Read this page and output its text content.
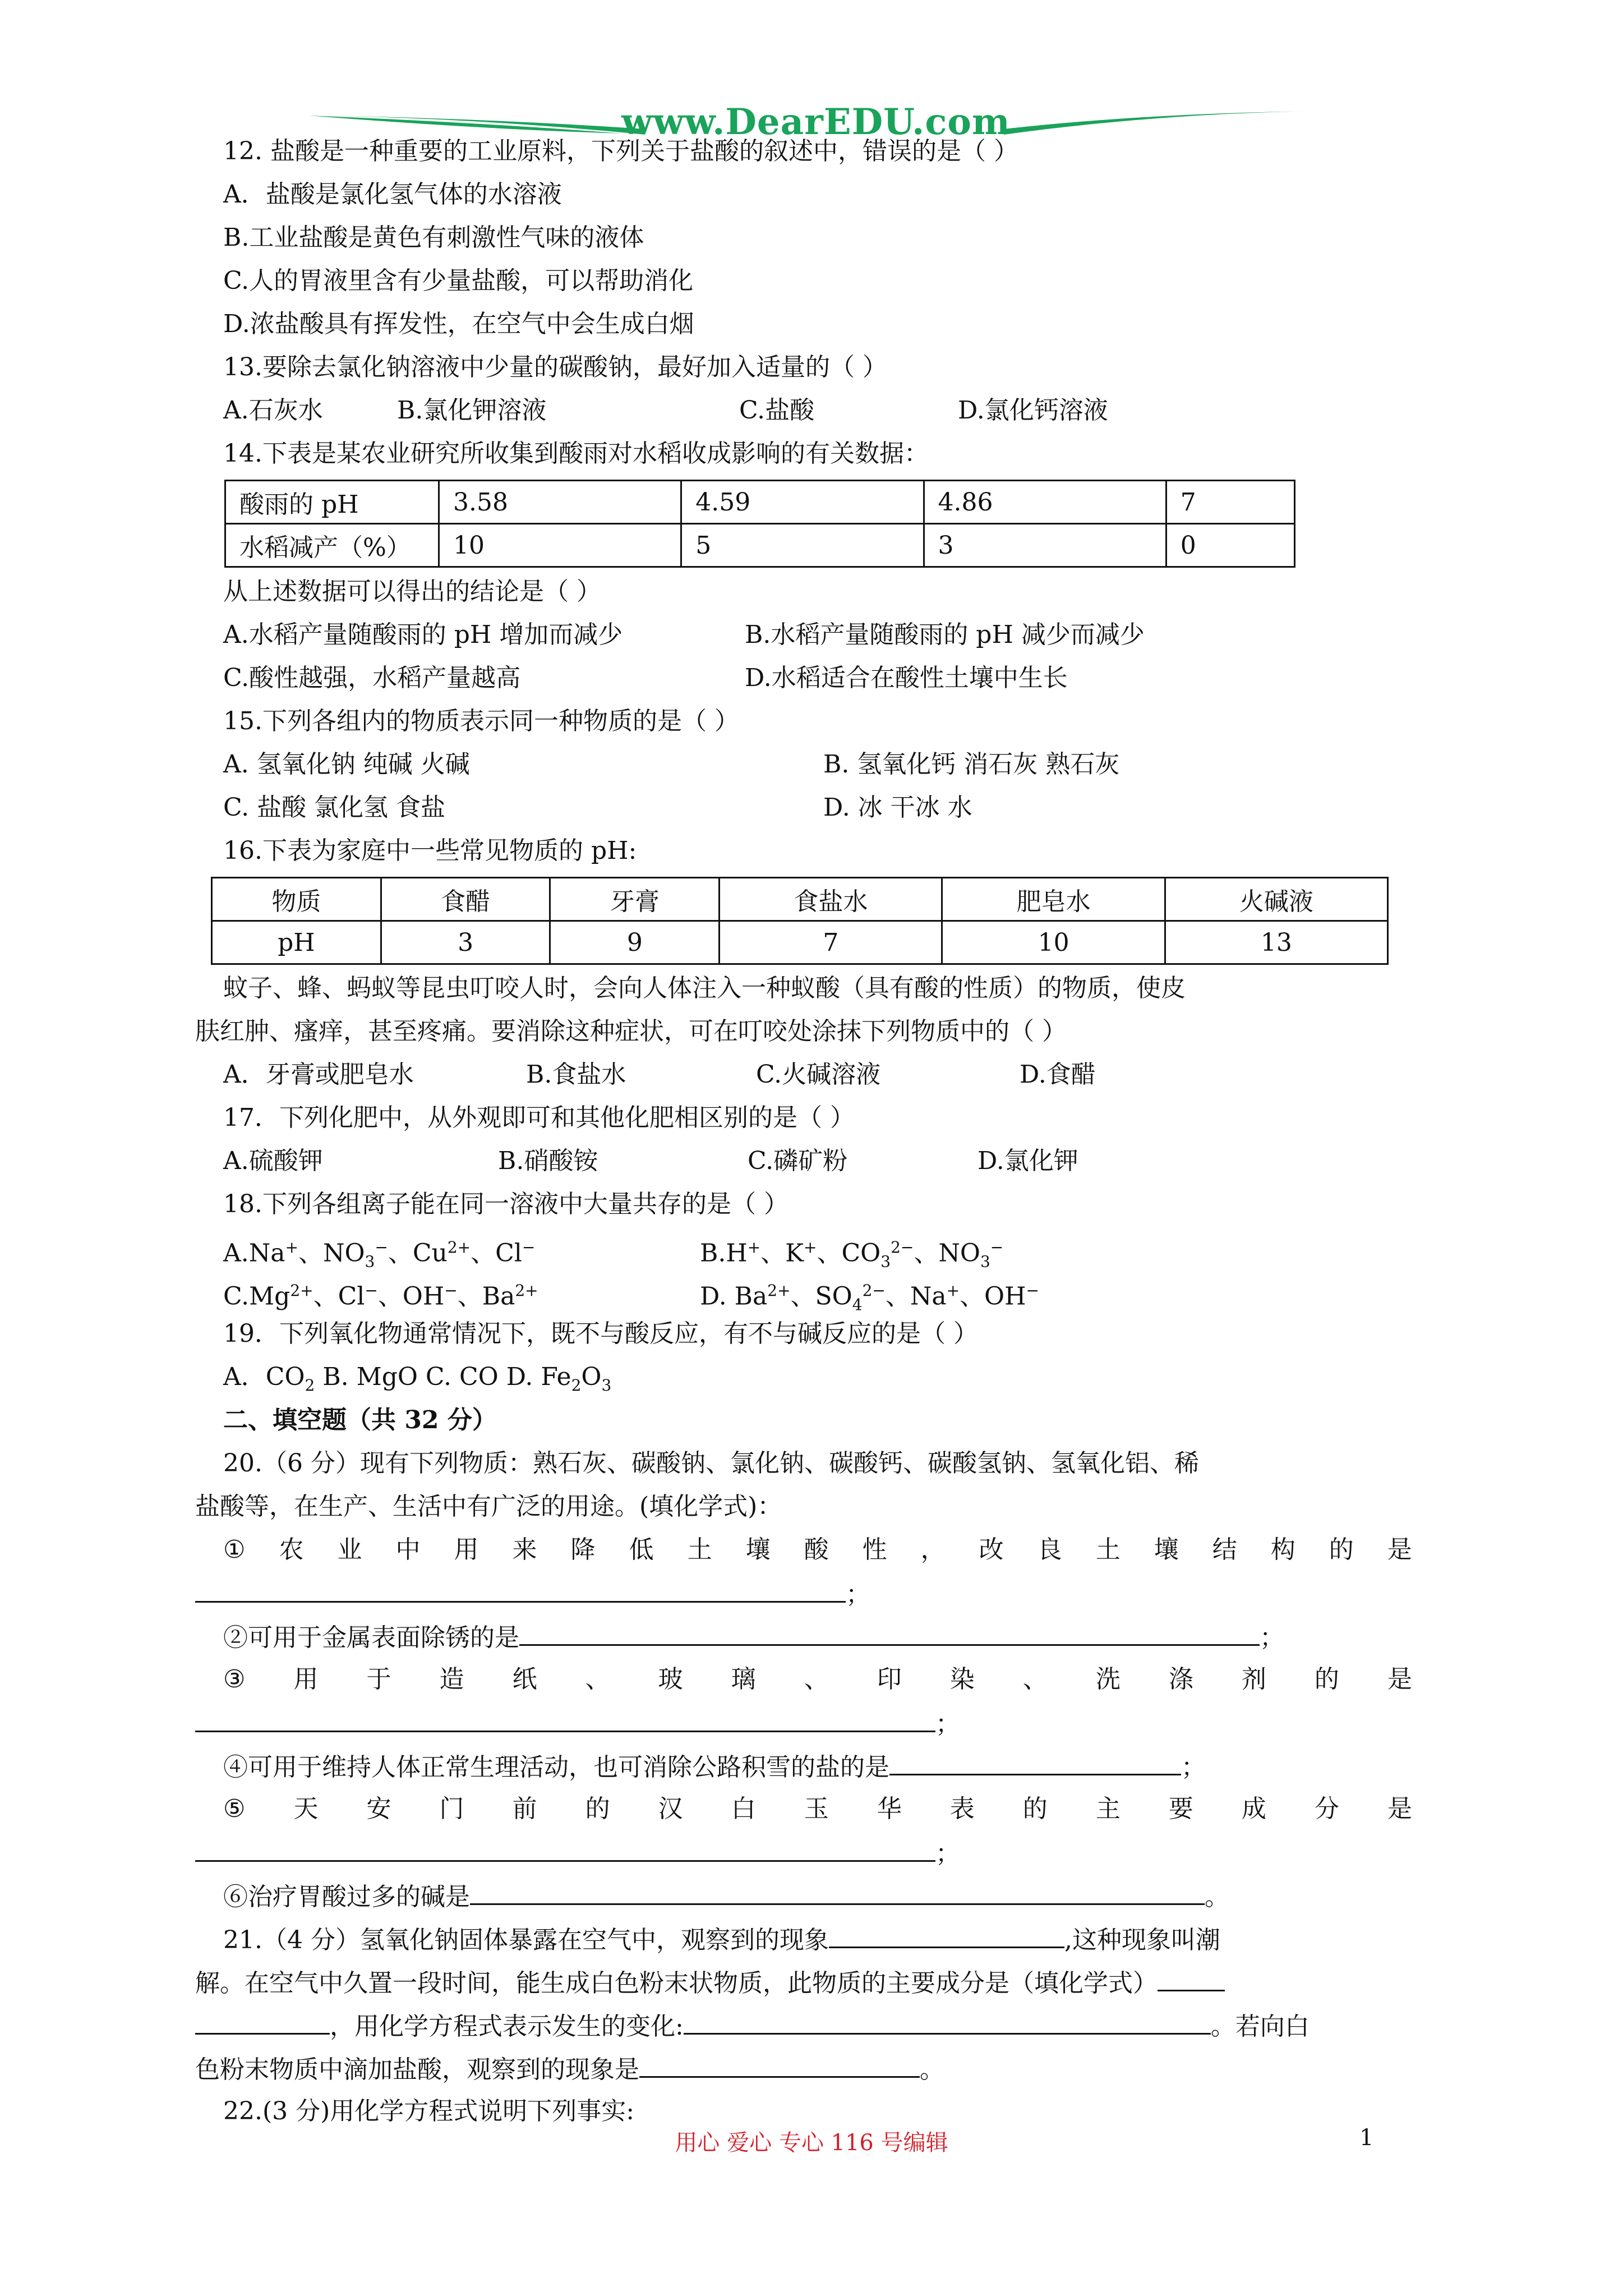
www.DearEDU.com
12. 盐酸是一种重要的工业原料，下列关于盐酸的叙述中，错误的是（ ）
A．盐酸是氯化氢气体的水溶液
B.工业盐酸是黄色有刺激性气味的液体
C.人的胃液里含有少量盐酸，可以帮助消化
D.浓盐酸具有挥发性，在空气中会生成白烟
13.要除去氯化钠溶液中少量的碳酸钠，最好加入适量的（ ）
A.石灰水	B.氯化钾溶液	C.盐酸	D.氯化钙溶液
14.下表是某农业研究所收集到酸雨对水稻收成影响的有关数据：
酸雨的 pH	3.58	4.59	4.86	7
水稻减产（%）	10	5	3	0
从上述数据可以得出的结论是（ ）
A.水稻产量随酸雨的 pH 增加而减少	B.水稻产量随酸雨的 pH 减少而减少
C.酸性越强，水稻产量越高	D.水稻适合在酸性土壤中生长
15.下列各组内的物质表示同一种物质的是（ ）
A. 氢氧化钠 纯碱 火碱	B. 氢氧化钙 消石灰 熟石灰
C. 盐酸 氯化氢 食盐	D. 冰 干冰 水
16.下表为家庭中一些常见物质的 pH:
物质	食醋	牙膏	食盐水	肥皂水	火碱液
pH	3	9	7	10	13
蚊子、蜂、蚂蚁等昆虫叮咬人时，会向人体注入一种蚁酸（具有酸的性质）的物质，使皮
肤红肿、瘙痒，甚至疼痛。要消除这种症状，可在叮咬处涂抹下列物质中的（ ）
A．牙膏或肥皂水	B.食盐水	C.火碱溶液	D.食醋
17．下列化肥中，从外观即可和其他化肥相区别的是（ ）
A.硫酸钾	B.硝酸铵	C.磷矿粉	D.氯化钾
18.下列各组离子能在同一溶液中大量共存的是（ ）
A.Na+、$NO_3^-$、$Cu^{2+}$、Cl−	B.H+、K+、$CO_3^{2-}$、$NO_3^-$
$C.Mg^{2+}$、Cl−、OH−、$Ba^{2+}$	D. $Ba^{2+}$、$SO_4^{2-}$、Na+、OH−
19．下列氧化物通常情况下，既不与酸反应，有不与碱反应的是（ ）
A．$CO_2$ B. MgO C. CO D. $Fe_2O_3$
二、填空题（共 32 分）
20.（6 分）现有下列物质：熟石灰、碳酸钠、氯化钠、碳酸钙、碳酸氢钠、氢氧化铝、稀
盐酸等，在生产、生活中有广泛的用途。(填化学式)：
① 农 业 中 用 来 降 低 土 壤 酸 性 ， 改 良 土 壤 结 构 的 是
；
②可用于金属表面除锈的是	；
③ 用 于 造 纸 、 玻 璃 、 印 染 、 洗 涤 剂 的 是
；
④可用于维持人体正常生理活动，也可消除公路积雪的盐的是	；
⑤ 天 安 门 前 的 汉 白 玉 华 表 的 主 要 成 分 是
；
⑥治疗胃酸过多的碱是	。
21.（4 分）氢氧化钠固体暴露在空气中，观察到的现象	,这种现象叫潮
解。在空气中久置一段时间，能生成白色粉末状物质，此物质的主要成分是（填化学式）
，用化学方程式表示发生的变化:	。若向白
色粉末物质中滴加盐酸，观察到的现象是	。
22.(3 分)用化学方程式说明下列事实:
用心 爱心 专心 116 号编辑	1
